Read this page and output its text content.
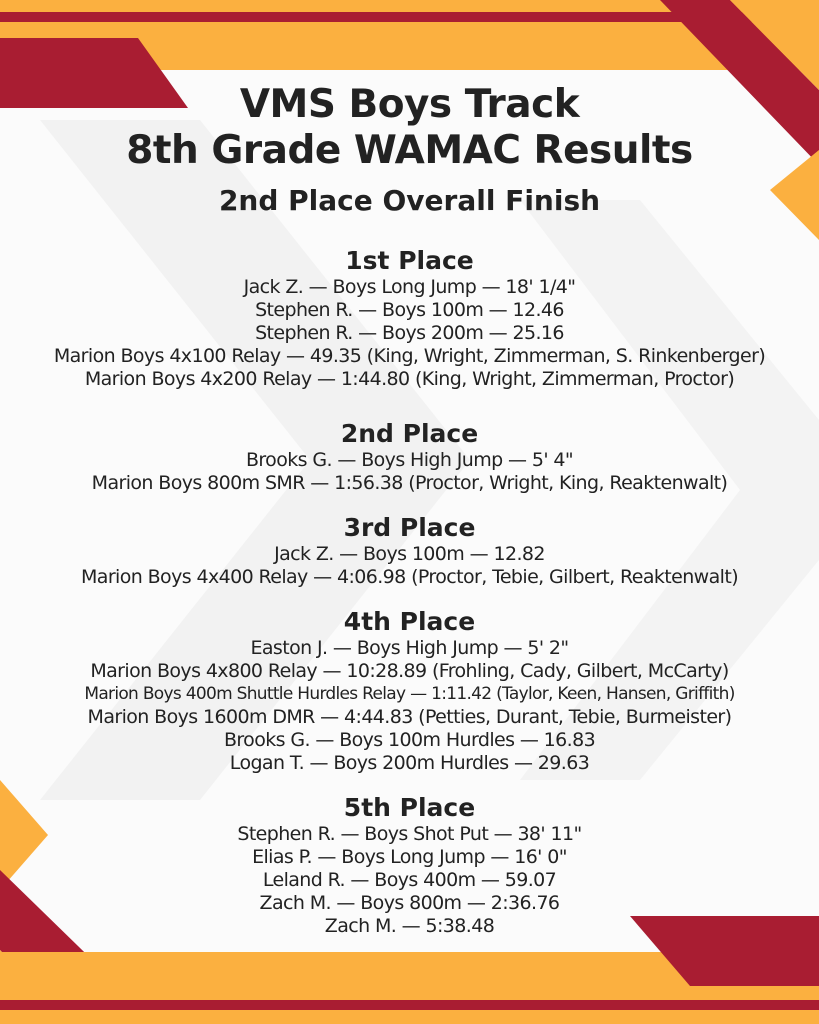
VMS Boys Track

8th Grade WAMAC Results

2nd Place Overall Finish

1st Place

Jack Z. — Boys Long Jump — 18' 1/4"

Stephen R. — Boys 100m — 12.46

Stephen R. — Boys 200m — 25.16

Marion Boys 4x100 Relay — 49.35 (King, Wright, Zimmerman, S. Rinkenberger)

Marion Boys 4x200 Relay — 1:44.80 (King, Wright, Zimmerman, Proctor)

2nd Place

Brooks G. — Boys High Jump — 5' 4"

Marion Boys 800m SMR — 1:56.38 (Proctor, Wright, King, Reaktenwalt)

3rd Place

Jack Z. — Boys 100m — 12.82

Marion Boys 4x400 Relay — 4:06.98 (Proctor, Tebie, Gilbert, Reaktenwalt)

4th Place

Easton J. — Boys High Jump — 5' 2"

Marion Boys 4x800 Relay — 10:28.89 (Frohling, Cady, Gilbert, McCarty)

Marion Boys 400m Shuttle Hurdles Relay — 1:11.42 (Taylor, Keen, Hansen, Griffith)

Marion Boys 1600m DMR — 4:44.83 (Petties, Durant, Tebie, Burmeister)

Brooks G. — Boys 100m Hurdles — 16.83

Logan T. — Boys 200m Hurdles — 29.63

5th Place

Stephen R. — Boys Shot Put — 38' 11"

Elias P. — Boys Long Jump — 16' 0"

Leland R. — Boys 400m — 59.07

Zach M. — Boys 800m — 2:36.76

Zach M. — 5:38.48
